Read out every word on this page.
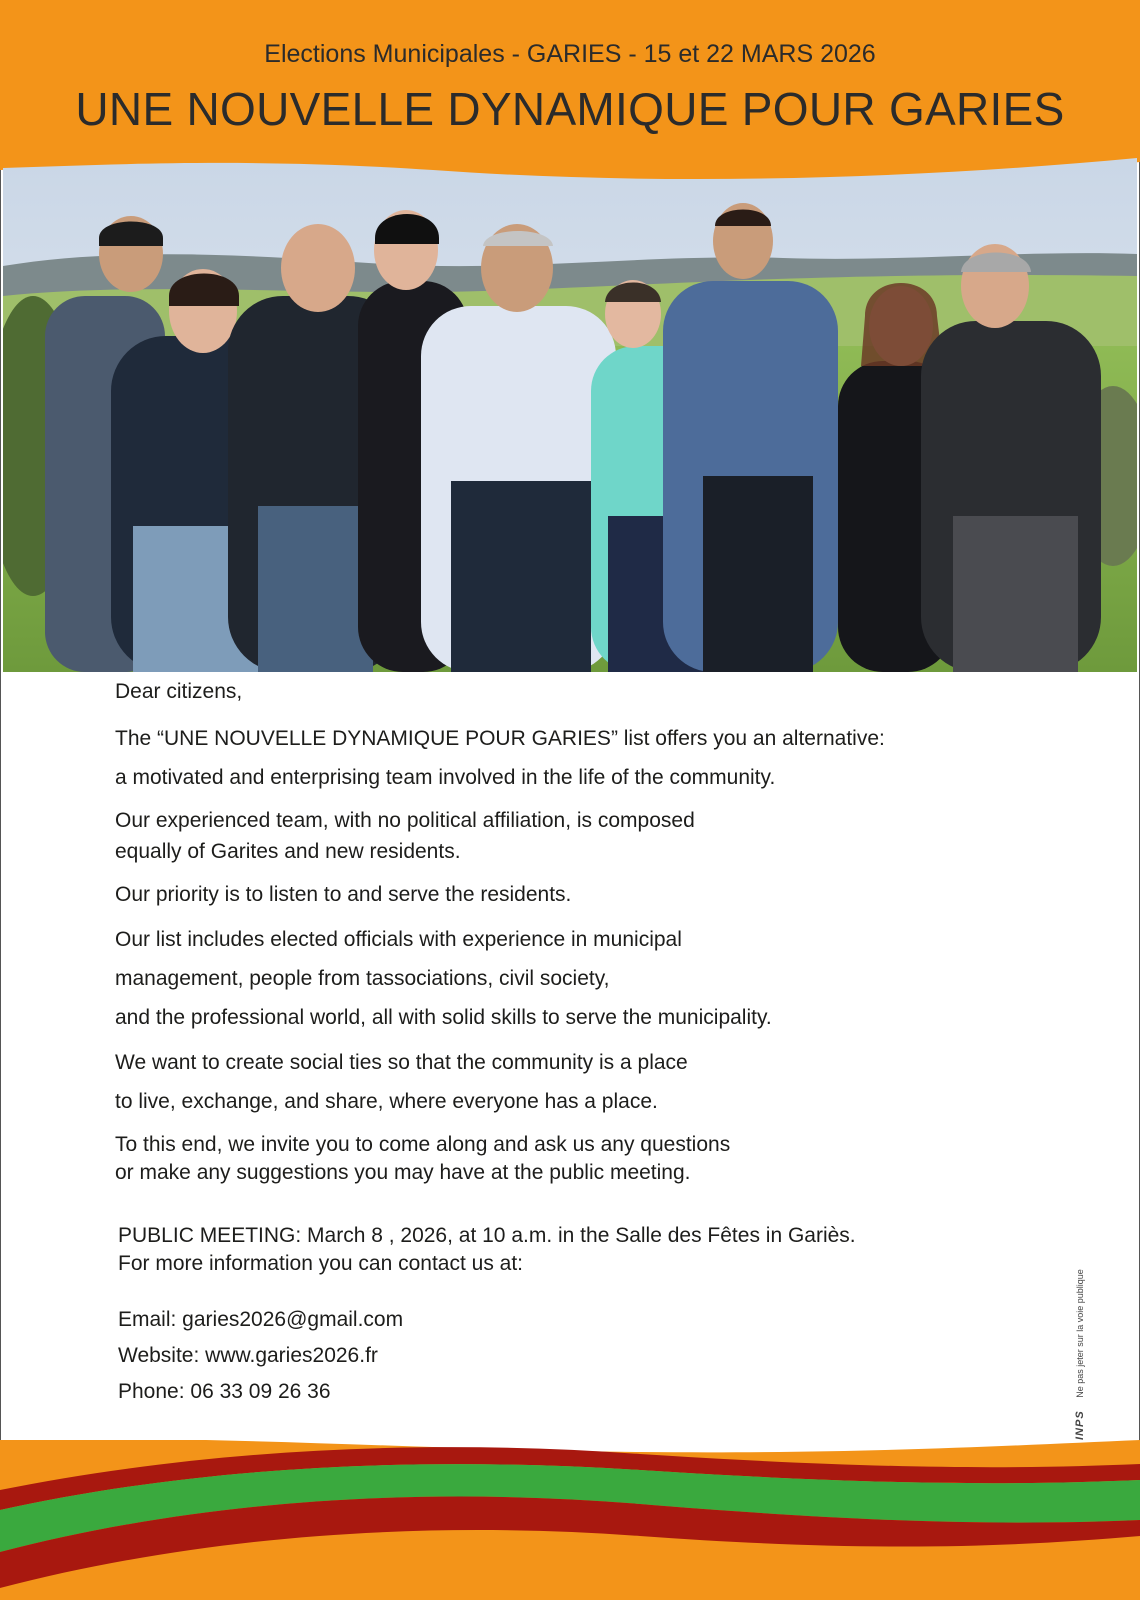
Elections Municipales - GARIES - 15 et 22 MARS 2026
UNE NOUVELLE DYNAMIQUE POUR GARIES

Dear citizens,

The “UNE NOUVELLE DYNAMIQUE POUR GARIES” list offers you an alternative:

a motivated and enterprising team involved in the life of the community.

Our experienced team, with no political affiliation, is composed

equally of Garites and new residents.

Our priority is to listen to and serve the residents.

Our list includes elected officials with experience in municipal

management, people from tassociations, civil society,

and the professional world, all with solid skills to serve the municipality.

We want to create social ties so that the community is a place

to live, exchange, and share, where everyone has a place.

To this end, we invite you to come along and ask us any questions

or make any suggestions you may have at the public meeting.

PUBLIC MEETING: March 8 , 2026, at 10 a.m. in the Salle des Fêtes in Gariès.

For more information you can contact us at:

Email: garies2026@gmail.com

Website: www.garies2026.fr

Phone: 06 33 09 26 36

INPS Ne pas jeter sur la voie publique
